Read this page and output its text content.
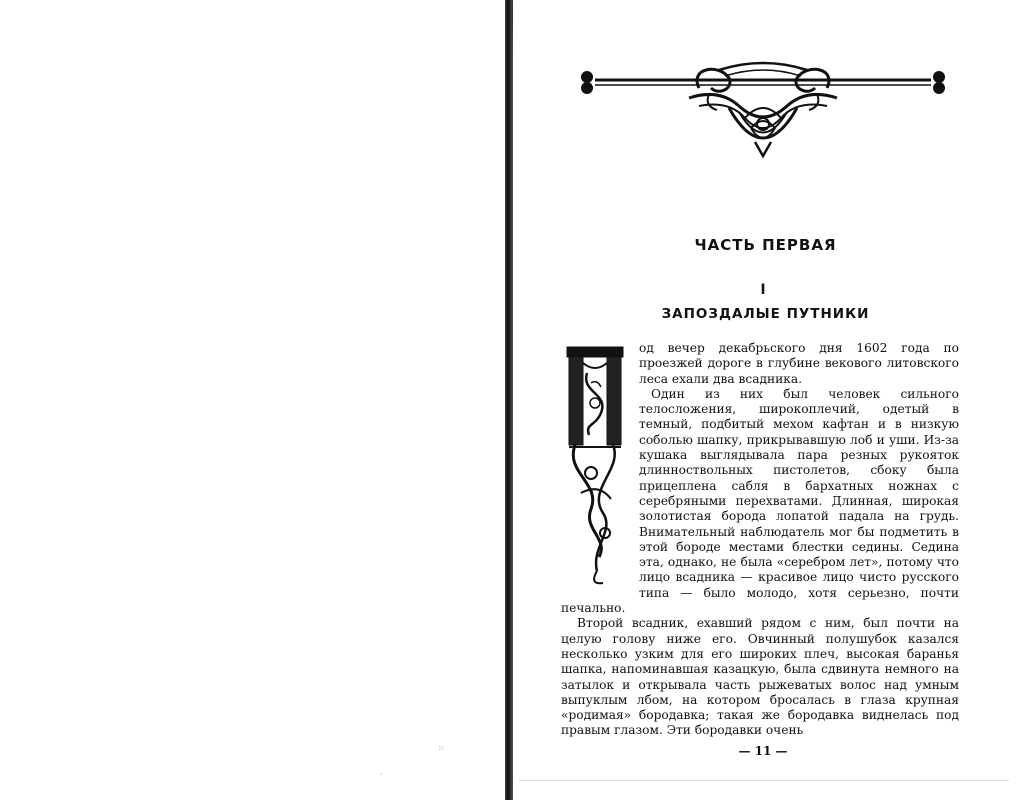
⁙
·
ЧАСТЬ ПЕРВАЯ
I
ЗАПОЗДАЛЫЕ ПУТНИКИ

од вечер декабрьского дня 1602 года по проезжей дороге в глубине векового литовского леса ехали два всадника.

Один из них был человек сильного телосложения, широкоплечий, одетый в темный, подбитый мехом кафтан и в низкую соболью шапку, прикрывавшую лоб и уши. Из-за кушака выглядывала пара резных рукояток длинноствольных пистолетов, сбоку была прицеплена сабля в бархатных ножнах с серебряными перехватами. Длинная, широкая золотистая борода лопатой падала на грудь. Внимательный наблюдатель мог бы подметить в этой бороде местами блестки седины. Седина эта, однако, не была «серебром лет», потому что лицо всадника — красивое лицо чисто русского типа — было молодо, хотя серьезно, почти печально.

Второй всадник, ехавший рядом с ним, был почти на целую голову ниже его. Овчинный полушубок казался несколько узким для его широких плеч, высокая баранья шапка, напоминавшая казацкую, была сдвинута немного на затылок и открывала часть рыжеватых волос над умным выпуклым лбом, на котором бросалась в глаза крупная «родимая» бородавка; такая же бородавка виднелась под правым глазом. Эти бородавки очень

— 11 —
